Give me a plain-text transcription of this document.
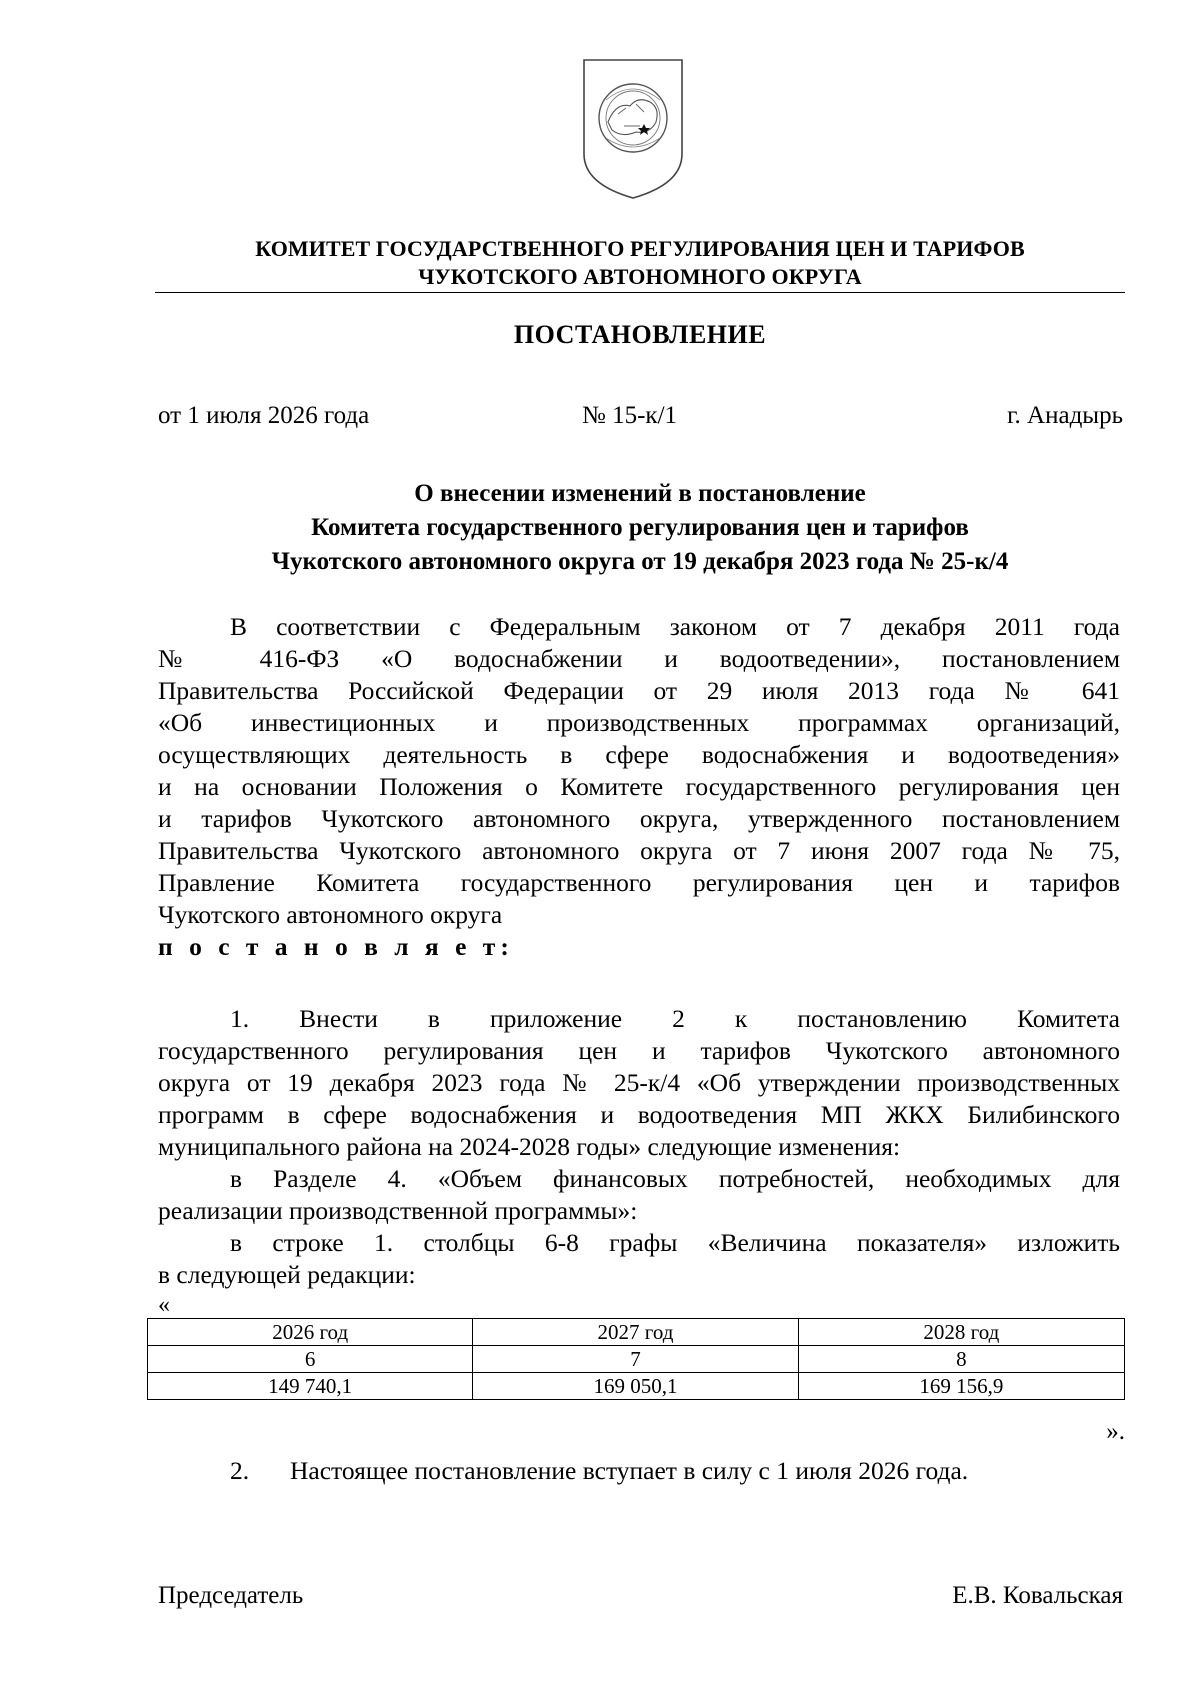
КОМИТЕТ ГОСУДАРСТВЕННОГО РЕГУЛИРОВАНИЯ ЦЕН И ТАРИФОВ
ЧУКОТСКОГО АВТОНОМНОГО ОКРУГА
ПОСТАНОВЛЕНИЕ
от 1 июля 2026 года	№ 15-к/1	г. Анадырь
О внесении изменений в постановление
Комитета государственного регулирования цен и тарифов
Чукотского автономного округа от 19 декабря 2023 года № 25-к/4
В соответствии с Федеральным законом от 7 декабря 2011 года
№ 416-ФЗ «О водоснабжении и водоотведении», постановлением
Правительства Российской Федерации от 29 июля 2013 года № 641
«Об инвестиционных и производственных программах организаций,
осуществляющих деятельность в сфере водоснабжения и водоотведения»
и на основании Положения о Комитете государственного регулирования цен
и тарифов Чукотского автономного округа, утвержденного постановлением
Правительства Чукотского автономного округа от 7 июня 2007 года № 75,
Правление Комитета государственного регулирования цен и тарифов
Чукотского автономного округа
п о с т а н о в л я е т:
1. Внести в приложение 2 к постановлению Комитета
государственного регулирования цен и тарифов Чукотского автономного
округа от 19 декабря 2023 года № 25-к/4 «Об утверждении производственных
программ в сфере водоснабжения и водоотведения МП ЖКХ Билибинского
муниципального района на 2024-2028 годы» следующие изменения:
в Разделе 4. «Объем финансовых потребностей, необходимых для
реализации производственной программы»:
в строке 1. столбцы 6-8 графы «Величина показателя» изложить
в следующей редакции:
«
2026 год	2027 год	2028 год
6	7	8
149 740,1	169 050,1	169 156,9
».
2. Настоящее постановление вступает в силу с 1 июля 2026 года.
Председатель	Е.В. Ковальская
